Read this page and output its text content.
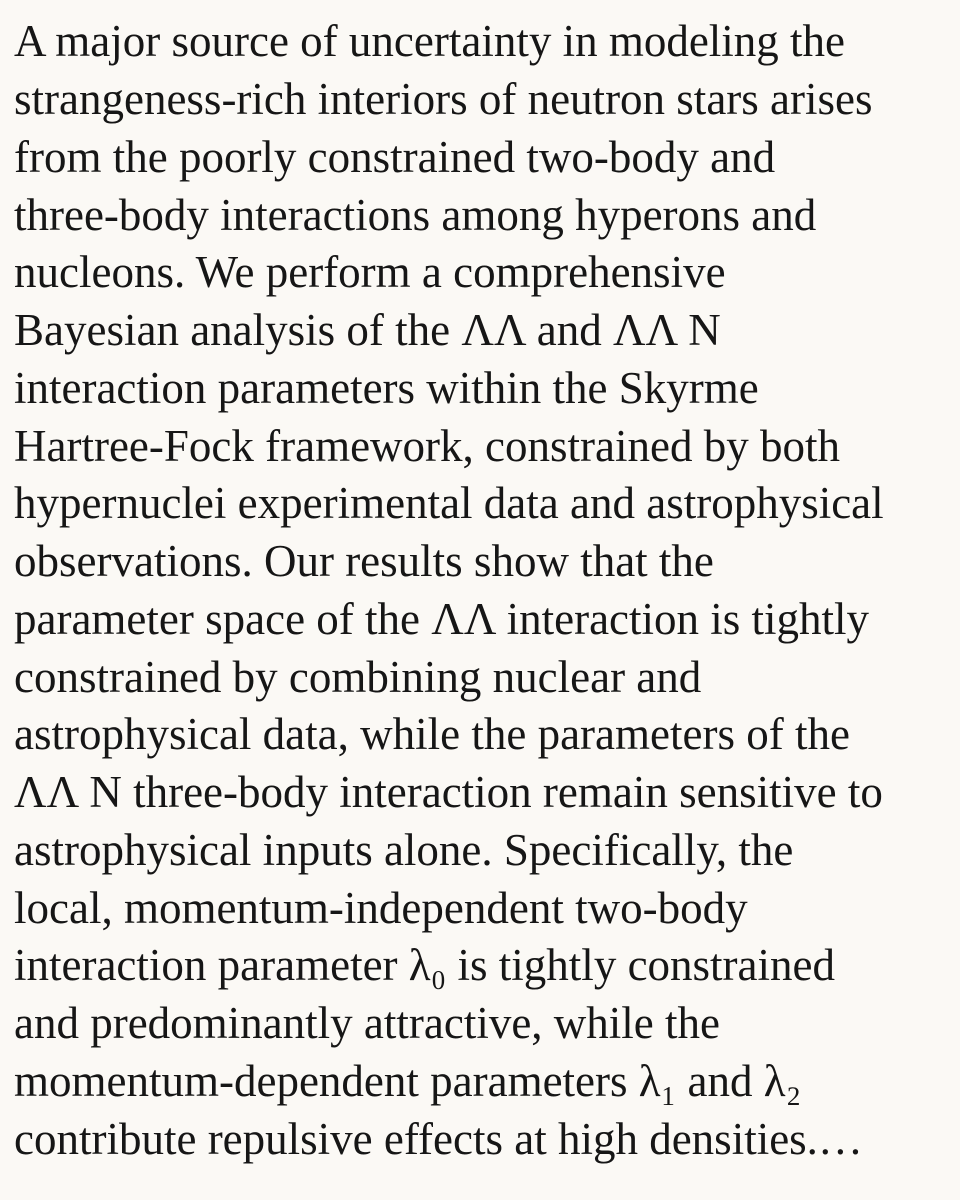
A major source of uncertainty in modeling the

strangeness-rich interiors of neutron stars arises

from the poorly constrained two-body and

three-body interactions among hyperons and

nucleons. We perform a comprehensive

Bayesian analysis of the ΛΛ and ΛΛ N

interaction parameters within the Skyrme

Hartree-Fock framework, constrained by both

hypernuclei experimental data and astrophysical

observations. Our results show that the

parameter space of the ΛΛ interaction is tightly

constrained by combining nuclear and

astrophysical data, while the parameters of the

ΛΛ N three-body interaction remain sensitive to

astrophysical inputs alone. Specifically, the

local, momentum-independent two-body

interaction parameter λ₀ is tightly constrained

and predominantly attractive, while the

momentum-dependent parameters λ₁ and λ₂

contribute repulsive effects at high densities.…
